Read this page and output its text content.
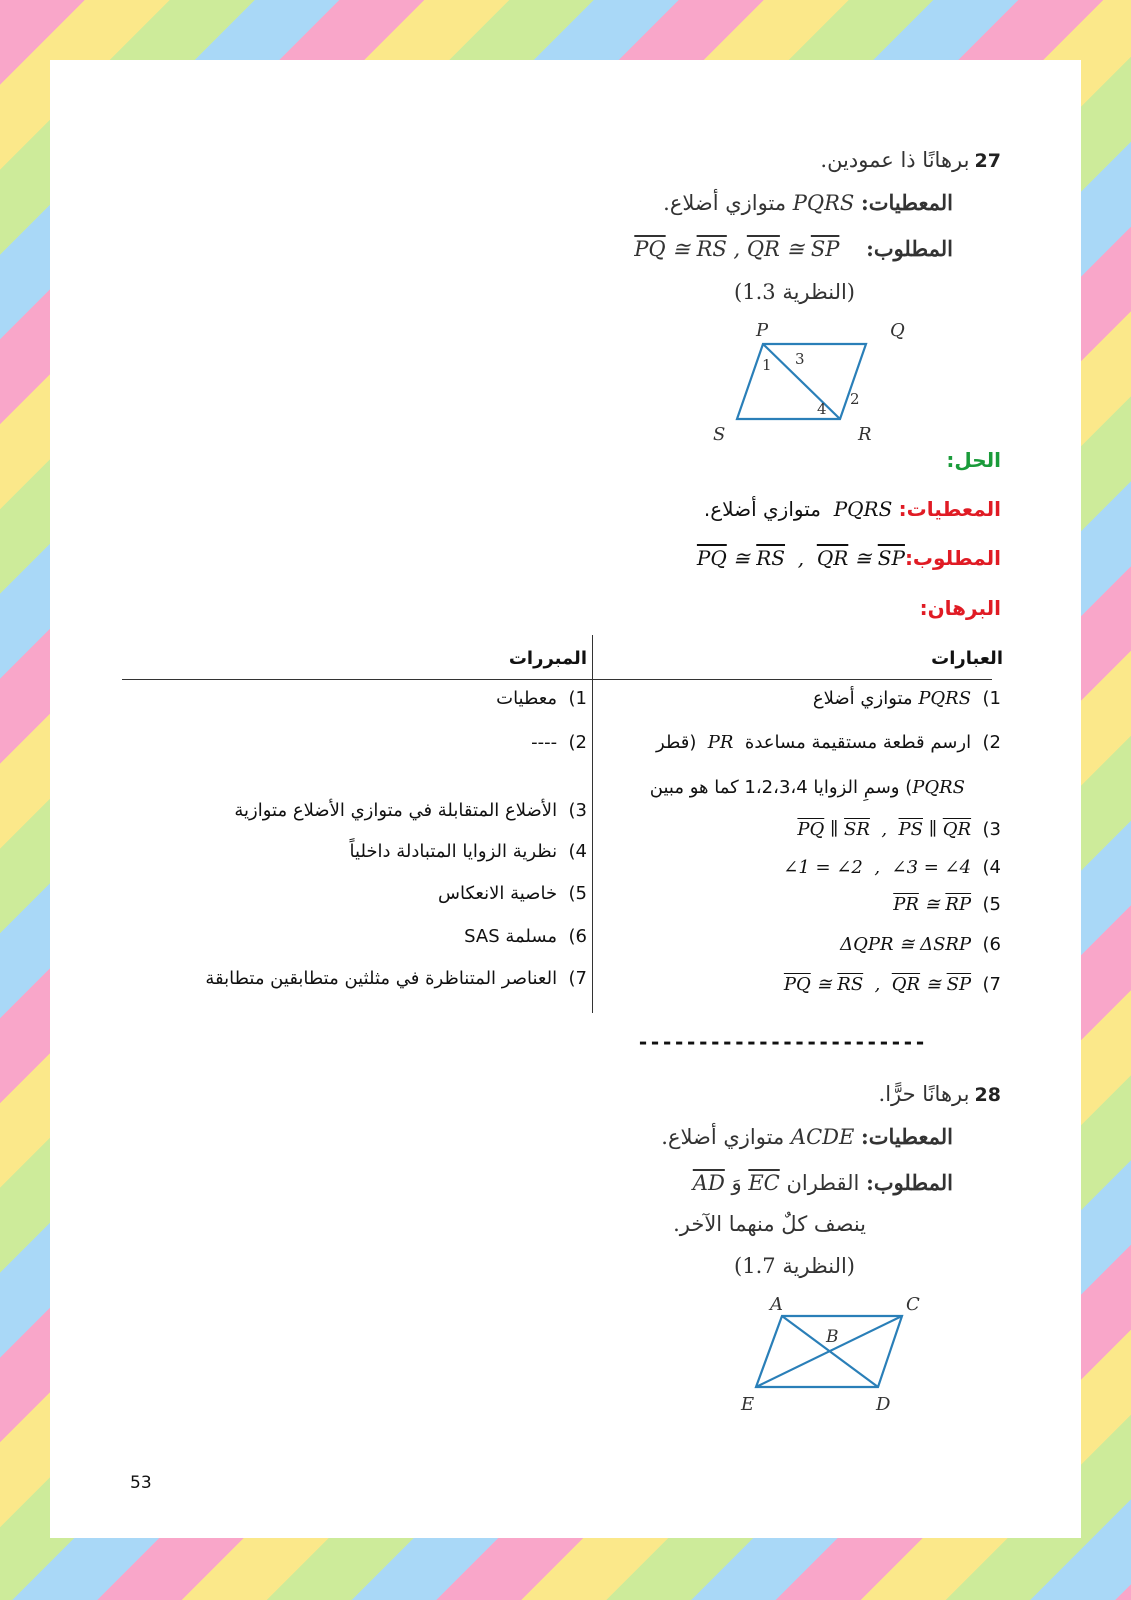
27 برهانًا ذا عمودين.
المعطيات: PQRS متوازي أضلاع.
المطلوب:    $\overline{PQ}$ ≅ $\overline{RS}$ , $\overline{QR}$ ≅ $\overline{SP}$
(النظرية 1.3)
P	Q
R
S
1 3
2
4
الحل:
المعطيات: PQRS  متوازي أضلاع.
$المطلوب:\overline{PQ}$ ≅ $\overline{RS}$  ,  $\overline{QR}$ ≅ $\overline{SP}$
البرهان:
العبارات
المبررات
1)  PQRS متوازي أضلاع
2)  ارسم قطعة مستقيمة مساعدة  PR  (قطر
PQRS) وسمِ الزوايا 1،2،3،4 كما هو مبين
$\overline{PQ}$ ∥ $\overline{SR}$  ,  $\overline{PS}$ ∥ $\overline{QR}$  (3
∠1 = ∠2  ,  ∠3 = ∠4  (4
$\overline{PR}$ ≅ $\overline{RP}$  (5
ΔQPR ≅ ΔSRP  (6
$\overline{PQ}$ ≅ $\overline{RS}$  ,  $\overline{QR}$ ≅ $\overline{SP}$  (7
1)  معطيات
2)  ----
3)  الأضلاع المتقابلة في متوازي الأضلاع متوازية
4)  نظرية الزوايا المتبادلة داخلياً
5)  خاصية الانعكاس
6)  مسلمة SAS
7)  العناصر المتناظرة في مثلثين متطابقين متطابقة
------------------------
28 برهانًا حرًّا.
المعطيات: ACDE متوازي أضلاع.
المطلوب: القطران $\overline{EC}$ وَ $\overline{AD}$
ينصف كلٌ منهما الآخر.
(النظرية 1.7)
A
B
C
D
E
53
